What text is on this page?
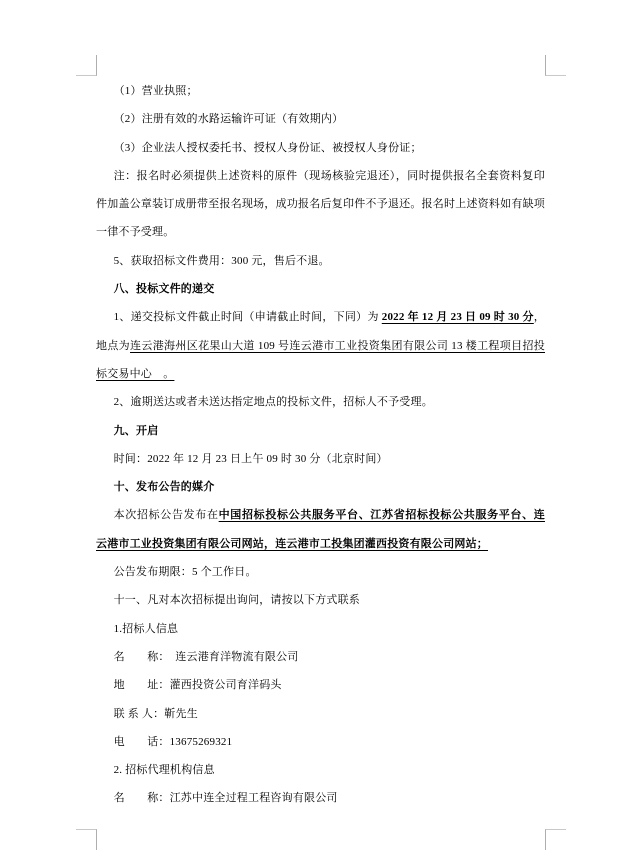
（1）营业执照；
（2）注册有效的水路运输许可证（有效期内）
（3）企业法人授权委托书、授权人身份证、被授权人身份证；
注：报名时必须提供上述资料的原件（现场核验完退还），同时提供报名全套资料复印
件加盖公章装订成册带至报名现场，成功报名后复印件不予退还。报名时上述资料如有缺项
一律不予受理。
5、获取招标文件费用：300 元，售后不退。
八、投标文件的递交
1、递交投标文件截止时间（申请截止时间，下同）为 2022 年 12 月 23 日 09 时 30 分，
地点为连云港海州区花果山大道 109 号连云港市工业投资集团有限公司 13 楼工程项目招投
标交易中心　。
2、逾期送达或者未送达指定地点的投标文件，招标人不予受理。
九、开启
时间：2022 年 12 月 23 日上午 09 时 30 分（北京时间）
十、发布公告的媒介
本次招标公告发布在中国招标投标公共服务平台、江苏省招标投标公共服务平台、连
云港市工业投资集团有限公司网站，连云港市工投集团灌西投资有限公司网站；
公告发布期限：5 个工作日。
十一、凡对本次招标提出询问，请按以下方式联系
1.招标人信息
名　　称：　连云港育洋物流有限公司
地　　址：灌西投资公司育洋码头
联 系 人：靳先生
电　　话：13675269321
2. 招标代理机构信息
名　　称：江苏中连全过程工程咨询有限公司
